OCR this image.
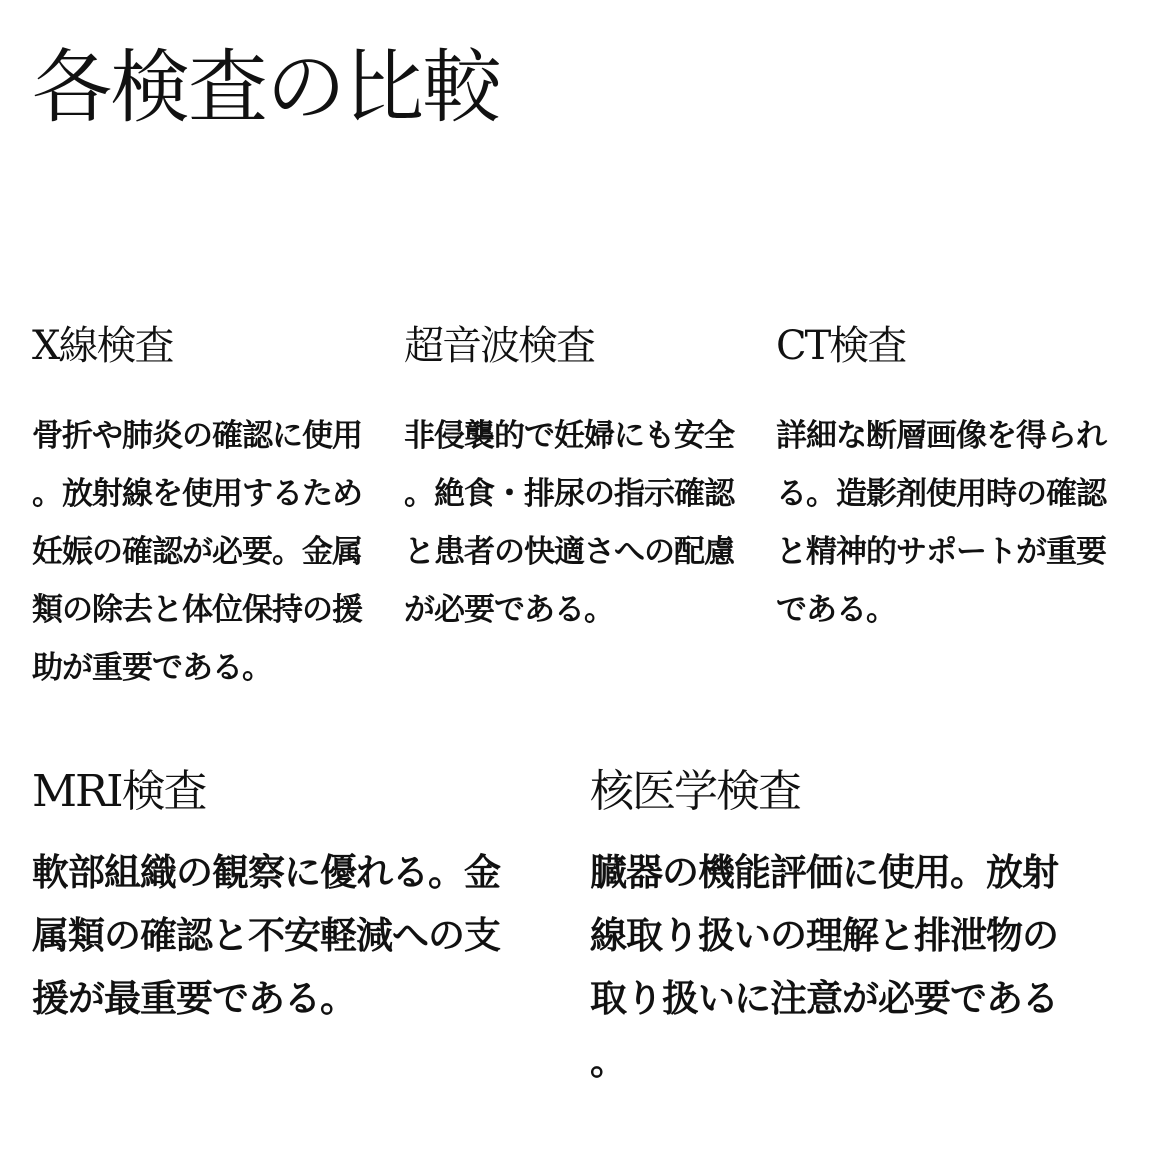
各検査の比較
X線検査

骨折や肺炎の確認に使用。放射線を使用するため妊娠の確認が必要。金属類の除去と体位保持の援助が重要である。

超音波検査

非侵襲的で妊婦にも安全。絶食・排尿の指示確認と患者の快適さへの配慮が必要である。

CT検査

詳細な断層画像を得られる。造影剤使用時の確認と精神的サポートが重要である。

MRI検査

軟部組織の観察に優れる。金属類の確認と不安軽減への支援が最重要である。

核医学検査

臓器の機能評価に使用。放射線取り扱いの理解と排泄物の取り扱いに注意が必要である。
